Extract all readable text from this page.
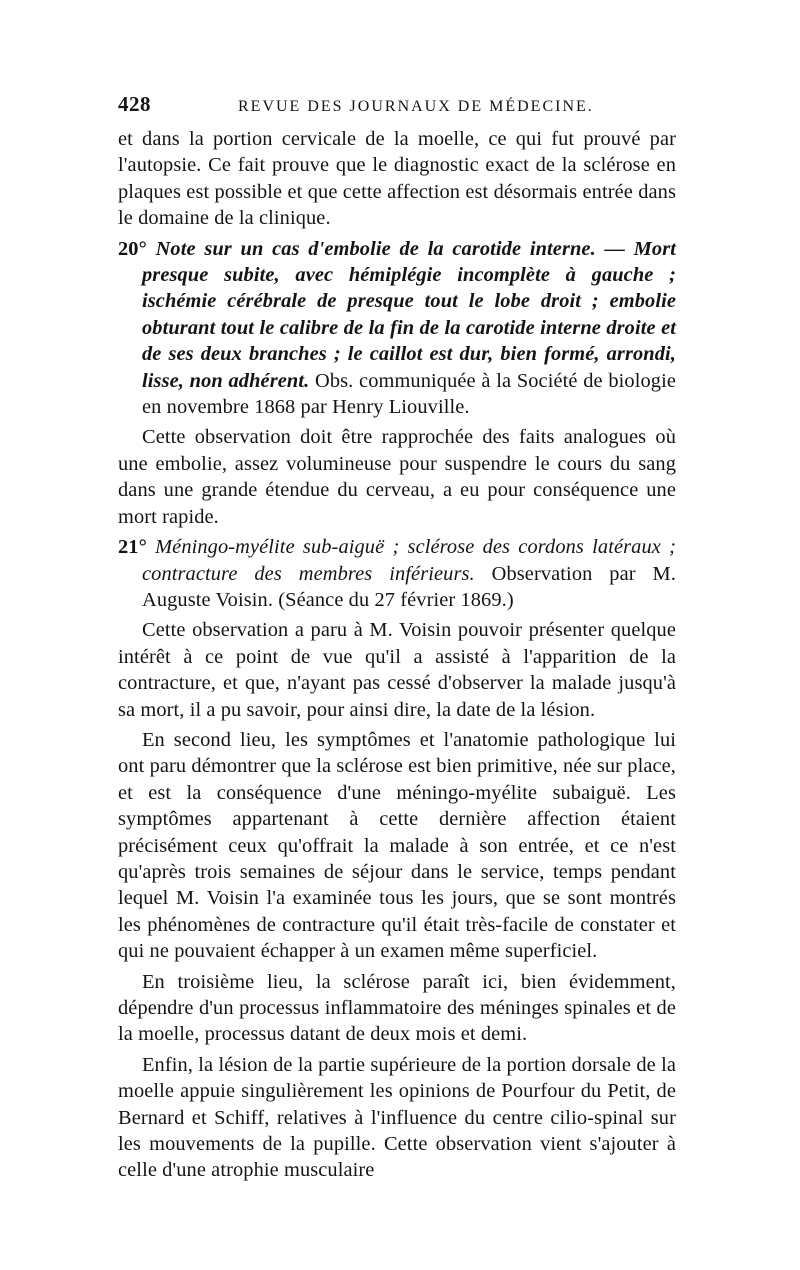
428	REVUE DES JOURNAUX DE MÉDECINE.

et dans la portion cervicale de la moelle, ce qui fut prouvé par l'autopsie. Ce fait prouve que le diagnostic exact de la sclérose en plaques est possible et que cette affection est désormais entrée dans le domaine de la clinique.

20° Note sur un cas d'embolie de la carotide interne. — Mort presque subite, avec hémiplégie incomplète à gauche ; ischémie cérébrale de presque tout le lobe droit ; embolie obturant tout le calibre de la fin de la carotide interne droite et de ses deux branches ; le caillot est dur, bien formé, arrondi, lisse, non adhérent. Obs. communiquée à la Société de biologie en novembre 1868 par Henry Liouville.

Cette observation doit être rapprochée des faits analogues où une embolie, assez volumineuse pour suspendre le cours du sang dans une grande étendue du cerveau, a eu pour conséquence une mort rapide.

21° Méningo-myélite sub-aiguë ; sclérose des cordons latéraux ; contracture des membres inférieurs. Observation par M. Auguste Voisin. (Séance du 27 février 1869.)

Cette observation a paru à M. Voisin pouvoir présenter quelque intérêt à ce point de vue qu'il a assisté à l'apparition de la contracture, et que, n'ayant pas cessé d'observer la malade jusqu'à sa mort, il a pu savoir, pour ainsi dire, la date de la lésion.

En second lieu, les symptômes et l'anatomie pathologique lui ont paru démontrer que la sclérose est bien primitive, née sur place, et est la conséquence d'une méningo-myélite subaiguë. Les symptômes appartenant à cette dernière affection étaient précisément ceux qu'offrait la malade à son entrée, et ce n'est qu'après trois semaines de séjour dans le service, temps pendant lequel M. Voisin l'a examinée tous les jours, que se sont montrés les phénomènes de contracture qu'il était très-facile de constater et qui ne pouvaient échapper à un examen même superficiel.

En troisième lieu, la sclérose paraît ici, bien évidemment, dépendre d'un processus inflammatoire des méninges spinales et de la moelle, processus datant de deux mois et demi.

Enfin, la lésion de la partie supérieure de la portion dorsale de la moelle appuie singulièrement les opinions de Pourfour du Petit, de Bernard et Schiff, relatives à l'influence du centre cilio-spinal sur les mouvements de la pupille. Cette observation vient s'ajouter à celle d'une atrophie musculaire
